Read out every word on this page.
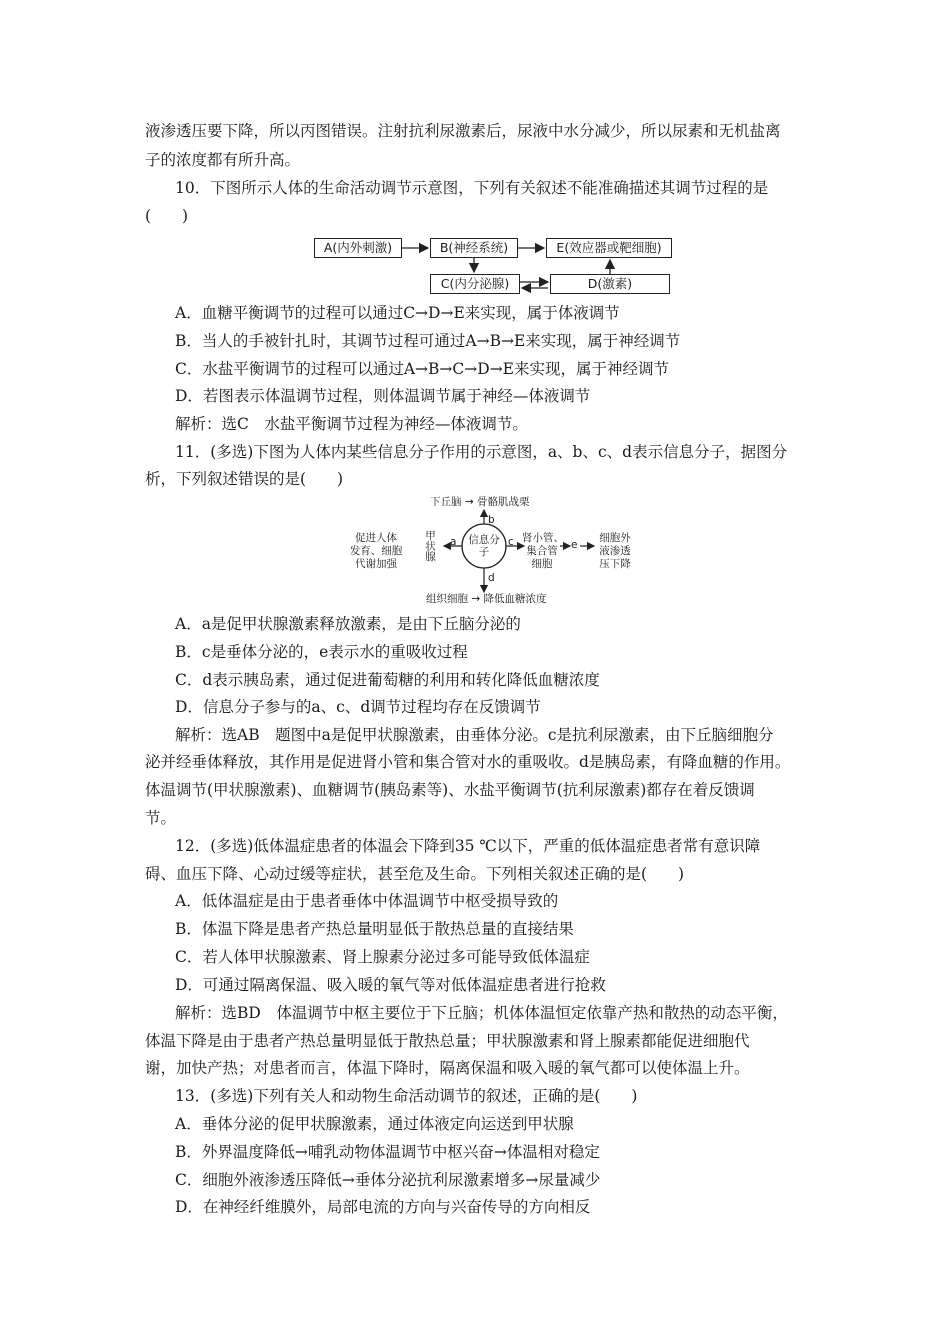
液渗透压要下降，所以丙图错误。注射抗利尿激素后，尿液中水分减少，所以尿素和无机盐离
子的浓度都有所升高。
10．下图所示人体的生命活动调节示意图，下列有关叙述不能准确描述其调节过程的是
(　　)
A(内外刺激)	B(神经系统)	E(效应器或靶细胞)
C(内分泌腺)	D(激素)
A．血糖平衡调节的过程可以通过C→D→E来实现，属于体液调节
B．当人的手被针扎时，其调节过程可通过A→B→E来实现，属于神经调节
C．水盐平衡调节的过程可以通过A→B→C→D→E来实现，属于神经调节
D．若图表示体温调节过程，则体温调节属于神经—体液调节
解析：选C　水盐平衡调节过程为神经—体液调节。
11．(多选)下图为人体内某些信息分子作用的示意图，a、b、c、d表示信息分子，据图分
析，下列叙述错误的是(　　)
下丘脑 → 骨骼肌战栗
b
信息分子
甲状腺 a
促进人体
发育、细胞
代谢加强
c 肾小管、
集合管
细胞
e
细胞外
液渗透
压下降
d
组织细胞 → 降低血糖浓度
A．a是促甲状腺激素释放激素，是由下丘脑分泌的
B．c是垂体分泌的，e表示水的重吸收过程
C．d表示胰岛素，通过促进葡萄糖的利用和转化降低血糖浓度
D．信息分子参与的a、c、d调节过程均存在反馈调节
解析：选AB　题图中a是促甲状腺激素，由垂体分泌。c是抗利尿激素，由下丘脑细胞分
泌并经垂体释放，其作用是促进肾小管和集合管对水的重吸收。d是胰岛素，有降血糖的作用。
体温调节(甲状腺激素)、血糖调节(胰岛素等)、水盐平衡调节(抗利尿激素)都存在着反馈调
节。
12．(多选)低体温症患者的体温会下降到35 ℃以下，严重的低体温症患者常有意识障
碍、血压下降、心动过缓等症状，甚至危及生命。下列相关叙述正确的是(　　)
A．低体温症是由于患者垂体中体温调节中枢受损导致的
B．体温下降是患者产热总量明显低于散热总量的直接结果
C．若人体甲状腺激素、肾上腺素分泌过多可能导致低体温症
D．可通过隔离保温、吸入暖的氧气等对低体温症患者进行抢救
解析：选BD　体温调节中枢主要位于下丘脑；机体体温恒定依靠产热和散热的动态平衡，
体温下降是由于患者产热总量明显低于散热总量；甲状腺激素和肾上腺素都能促进细胞代
谢，加快产热；对患者而言，体温下降时，隔离保温和吸入暖的氧气都可以使体温上升。
13．(多选)下列有关人和动物生命活动调节的叙述，正确的是(　　)
A．垂体分泌的促甲状腺激素，通过体液定向运送到甲状腺
B．外界温度降低→哺乳动物体温调节中枢兴奋→体温相对稳定
C．细胞外液渗透压降低→垂体分泌抗利尿激素增多→尿量减少
D．在神经纤维膜外，局部电流的方向与兴奋传导的方向相反
